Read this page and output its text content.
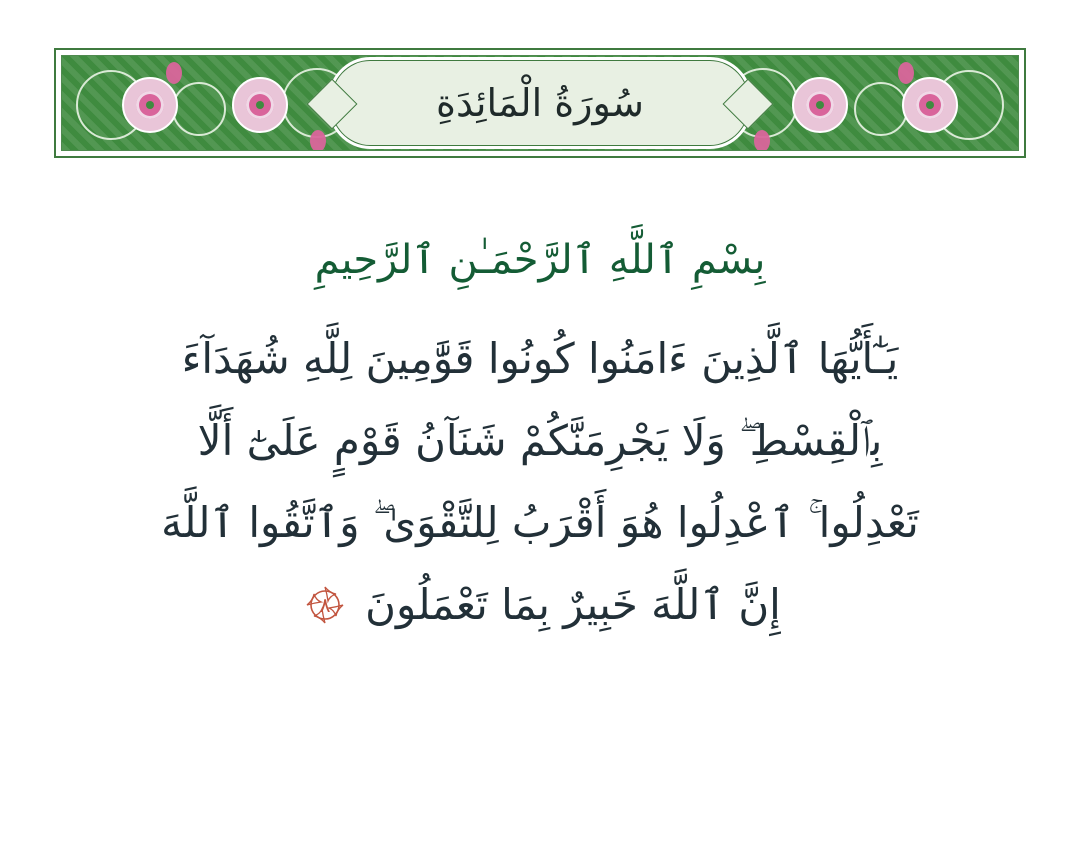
سُورَةُ الْمَائِدَةِ
بِسْمِ ٱللَّهِ ٱلرَّحْمَـٰنِ ٱلرَّحِيمِ
يَـٰٓأَيُّهَا ٱلَّذِينَ ءَامَنُوا كُونُوا قَوَّٰمِينَ لِلَّهِ شُهَدَآءَ
بِٱلْقِسْطِ ۖ وَلَا يَجْرِمَنَّكُمْ شَنَآنُ قَوْمٍ عَلَىٰٓ أَلَّا
تَعْدِلُوا ۚ ٱعْدِلُوا هُوَ أَقْرَبُ لِلتَّقْوَىٰ ۖ وَٱتَّقُوا ٱللَّهَ
إِنَّ ٱللَّهَ خَبِيرٌ بِمَا تَعْمَلُونَ
٨
